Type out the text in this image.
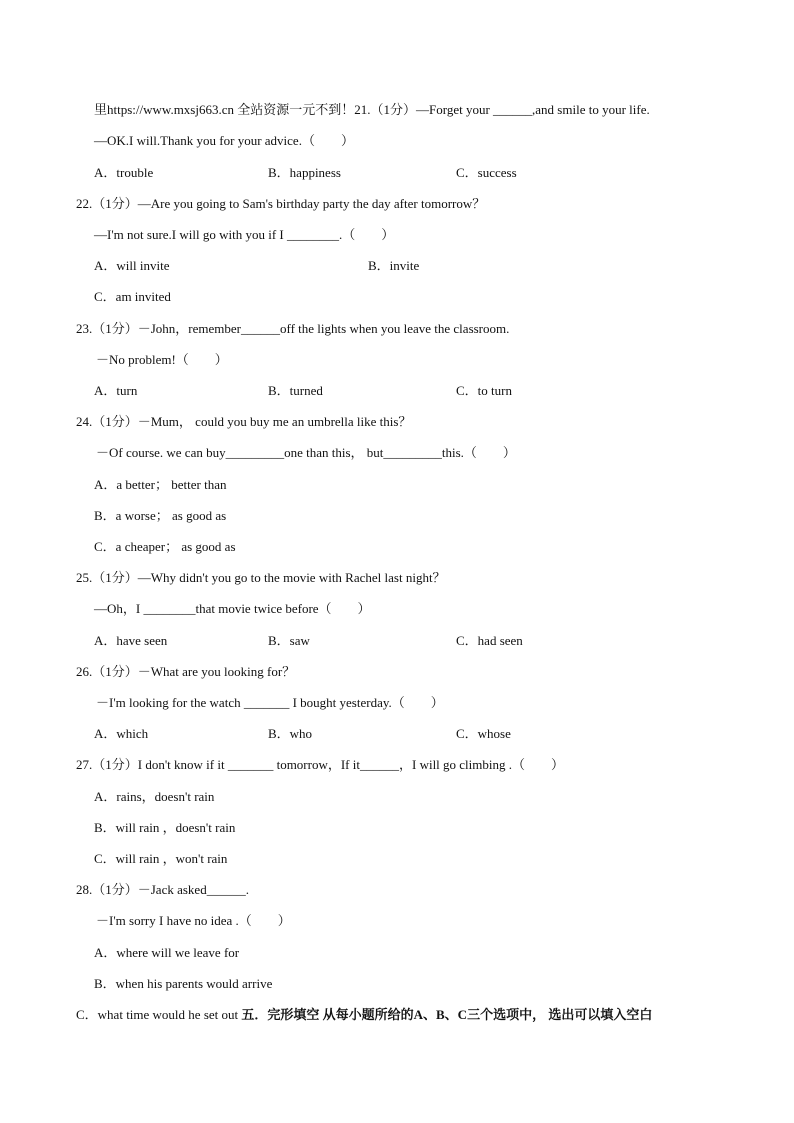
里https://www.mxsj663.cn 全站资源一元不到！21.（1分）—Forget your ______,and smile to your life.
—OK.I will.Thank you for your advice.（　　）
A．trouble	B．happiness	C．success
22.（1分）—Are you going to Sam's birthday party the day after tomorrow？
—I'm not sure.I will go with you if I ________.（　　）
A．will invite	B．invite
C．am invited
23.（1分）－John，remember______off the lights when you leave the classroom.
－No problem!（　　）
A．turn	B．turned	C．to turn
24.（1分）－Mum， could you buy me an umbrella like this？
－Of course. we can buy_________one than this， but_________this.（　　）
A．a better； better than
B．a worse； as good as
C．a cheaper； as good as
25.（1分）—Why didn't you go to the movie with Rachel last night？
—Oh，I ________that movie twice before（　　）
A．have seen	B．saw	C．had seen
26.（1分）－What are you looking for？
－I'm looking for the watch _______ I bought yesterday.（　　）
A．which	B．who	C．whose
27.（1分）I don't know if it _______ tomorrow，If it______，I will go climbing .（　　）
A．rains，doesn't rain
B．will rain ，doesn't rain
C．will rain ，won't rain
28.（1分）－Jack asked______.
－I'm sorry I have no idea .（　　）
A．where will we leave for
B．when his parents would arrive
C．what time would he set out 五．完形填空 从每小题所给的A、B、C三个选项中， 选出可以填入空白
